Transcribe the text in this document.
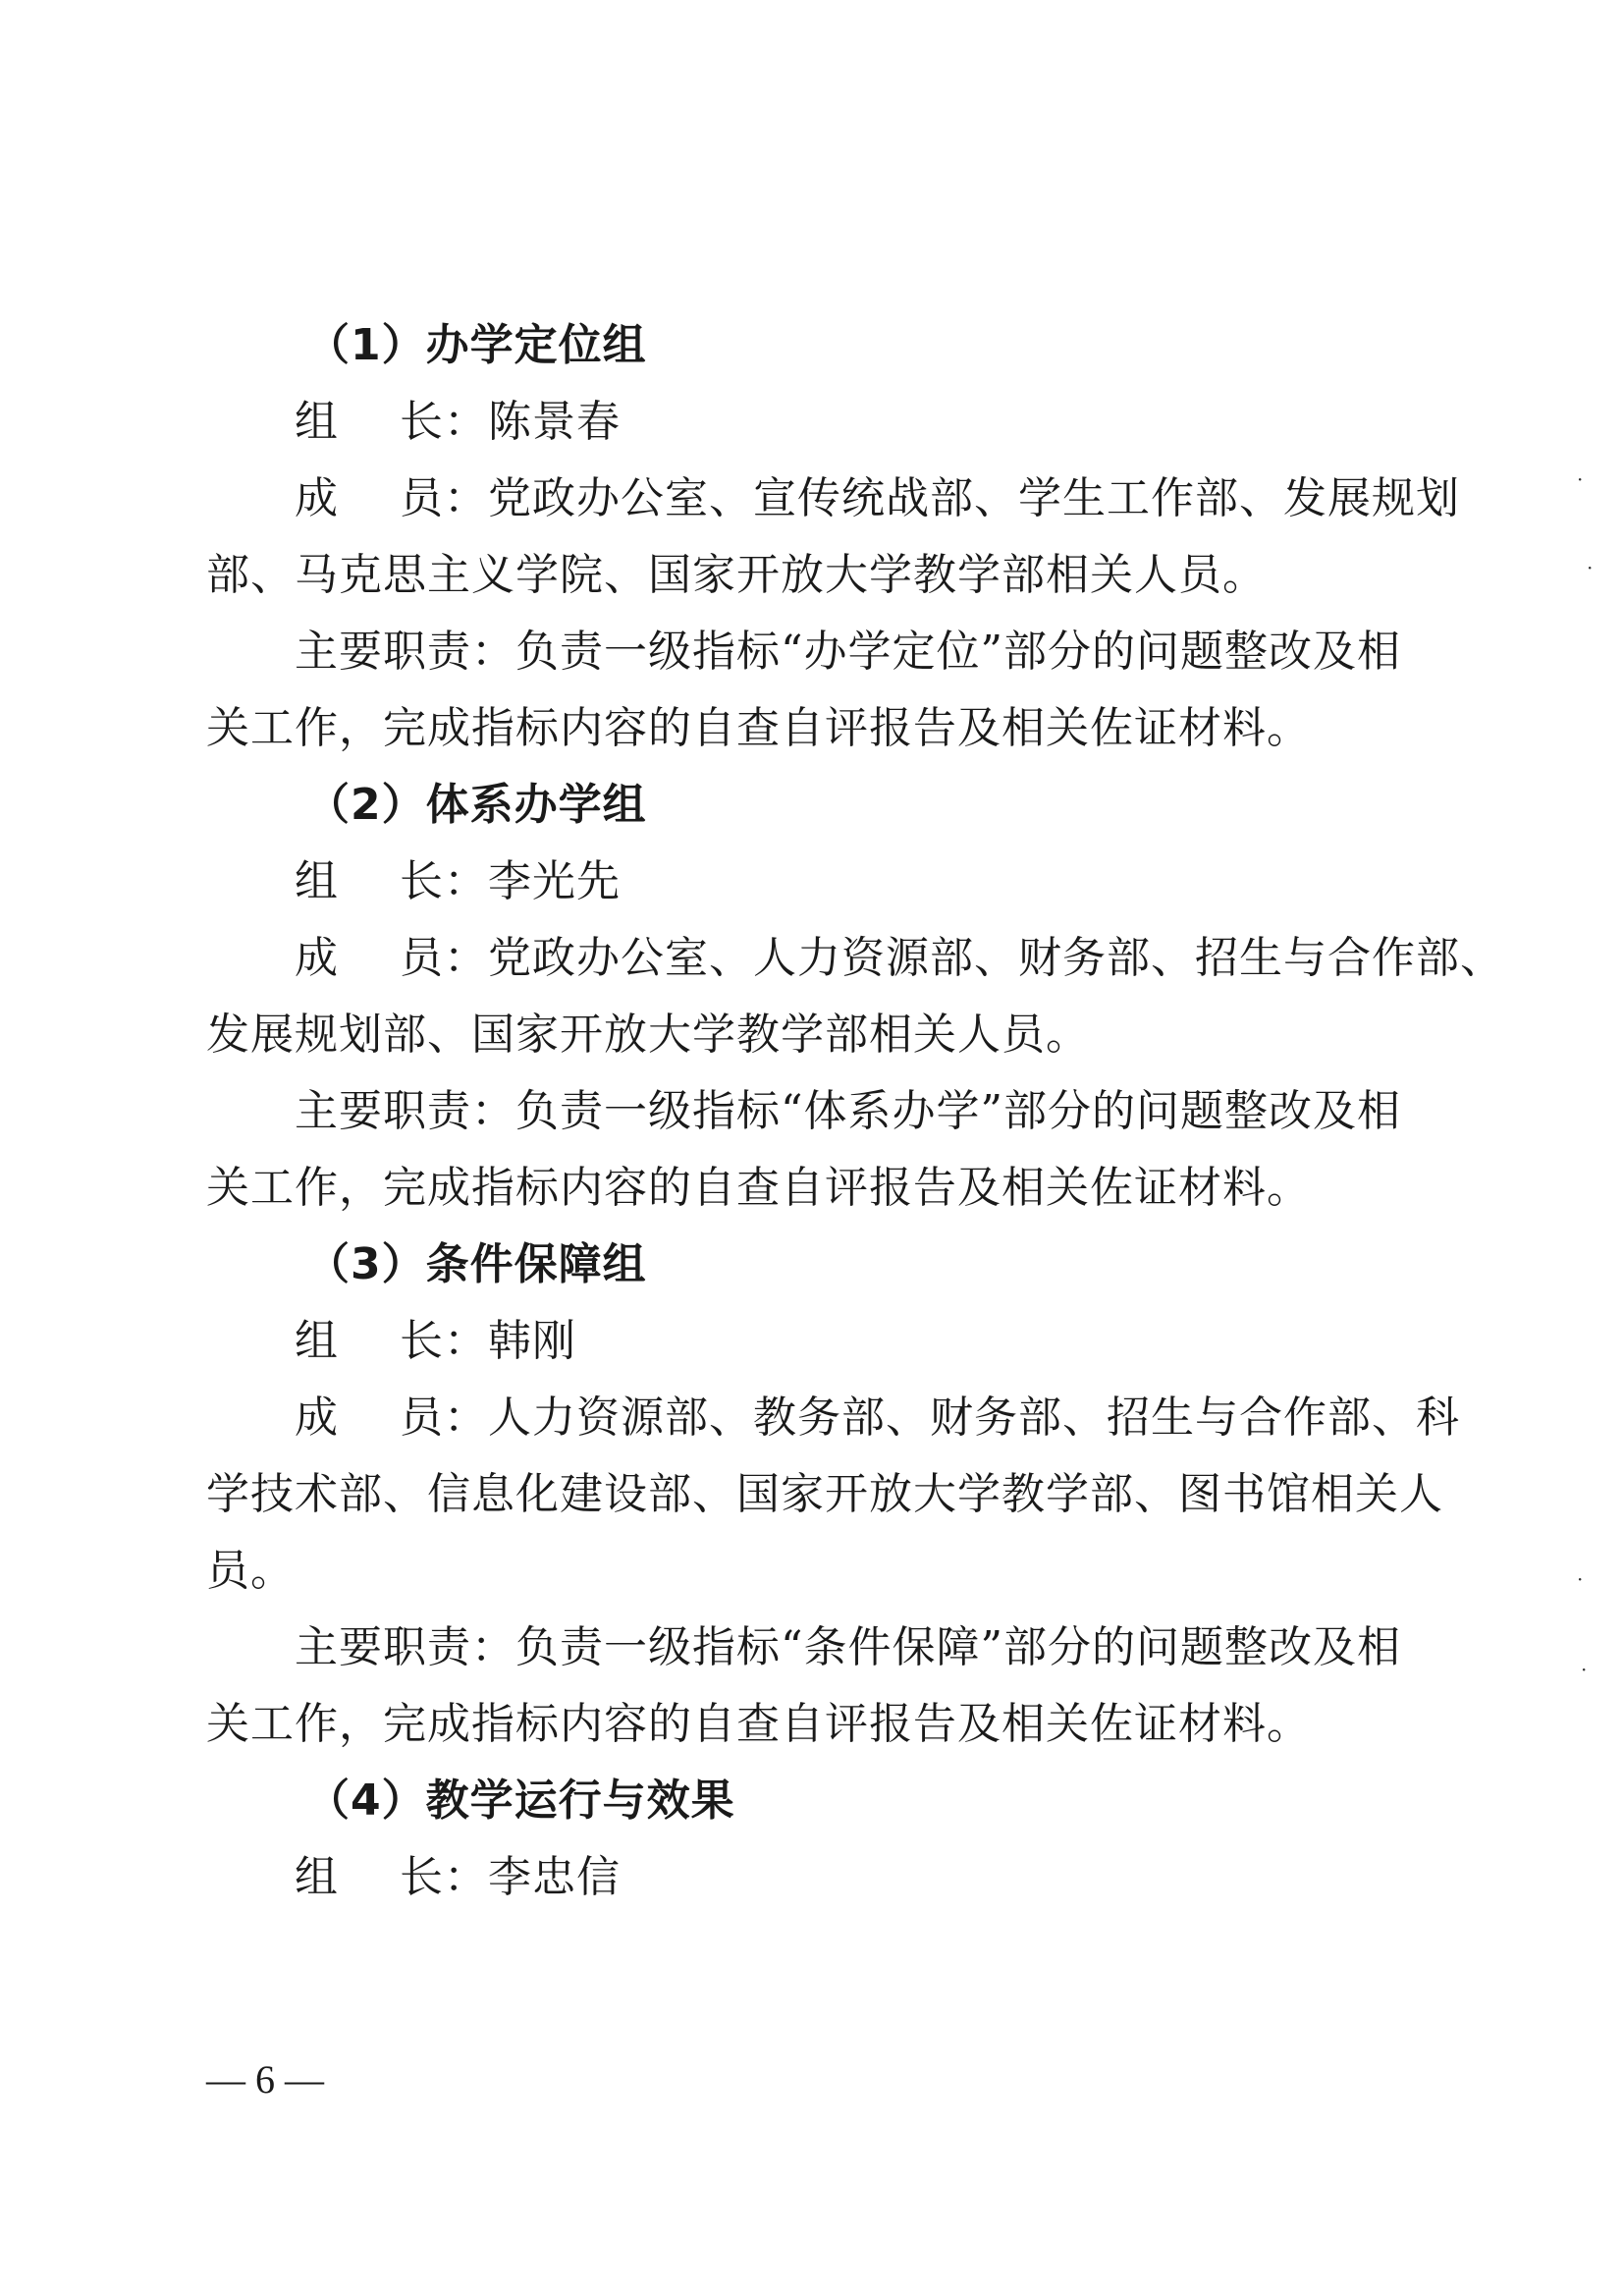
（1）办学定位组
组 长：陈景春
成 员：党政办公室、宣传统战部、学生工作部、发展规划
部、马克思主义学院、国家开放大学教学部相关人员。
主要职责：负责一级指标“办学定位”部分的问题整改及相
关工作，完成指标内容的自查自评报告及相关佐证材料。
（2）体系办学组
组 长：李光先
成 员：党政办公室、人力资源部、财务部、招生与合作部、
发展规划部、国家开放大学教学部相关人员。
主要职责：负责一级指标“体系办学”部分的问题整改及相
关工作，完成指标内容的自查自评报告及相关佐证材料。
（3）条件保障组
组 长：韩刚
成 员：人力资源部、教务部、财务部、招生与合作部、科
学技术部、信息化建设部、国家开放大学教学部、图书馆相关人
员。
主要职责：负责一级指标“条件保障”部分的问题整改及相
关工作，完成指标内容的自查自评报告及相关佐证材料。
（4）教学运行与效果
组 长：李忠信
— 6 —
·
·
·
·
